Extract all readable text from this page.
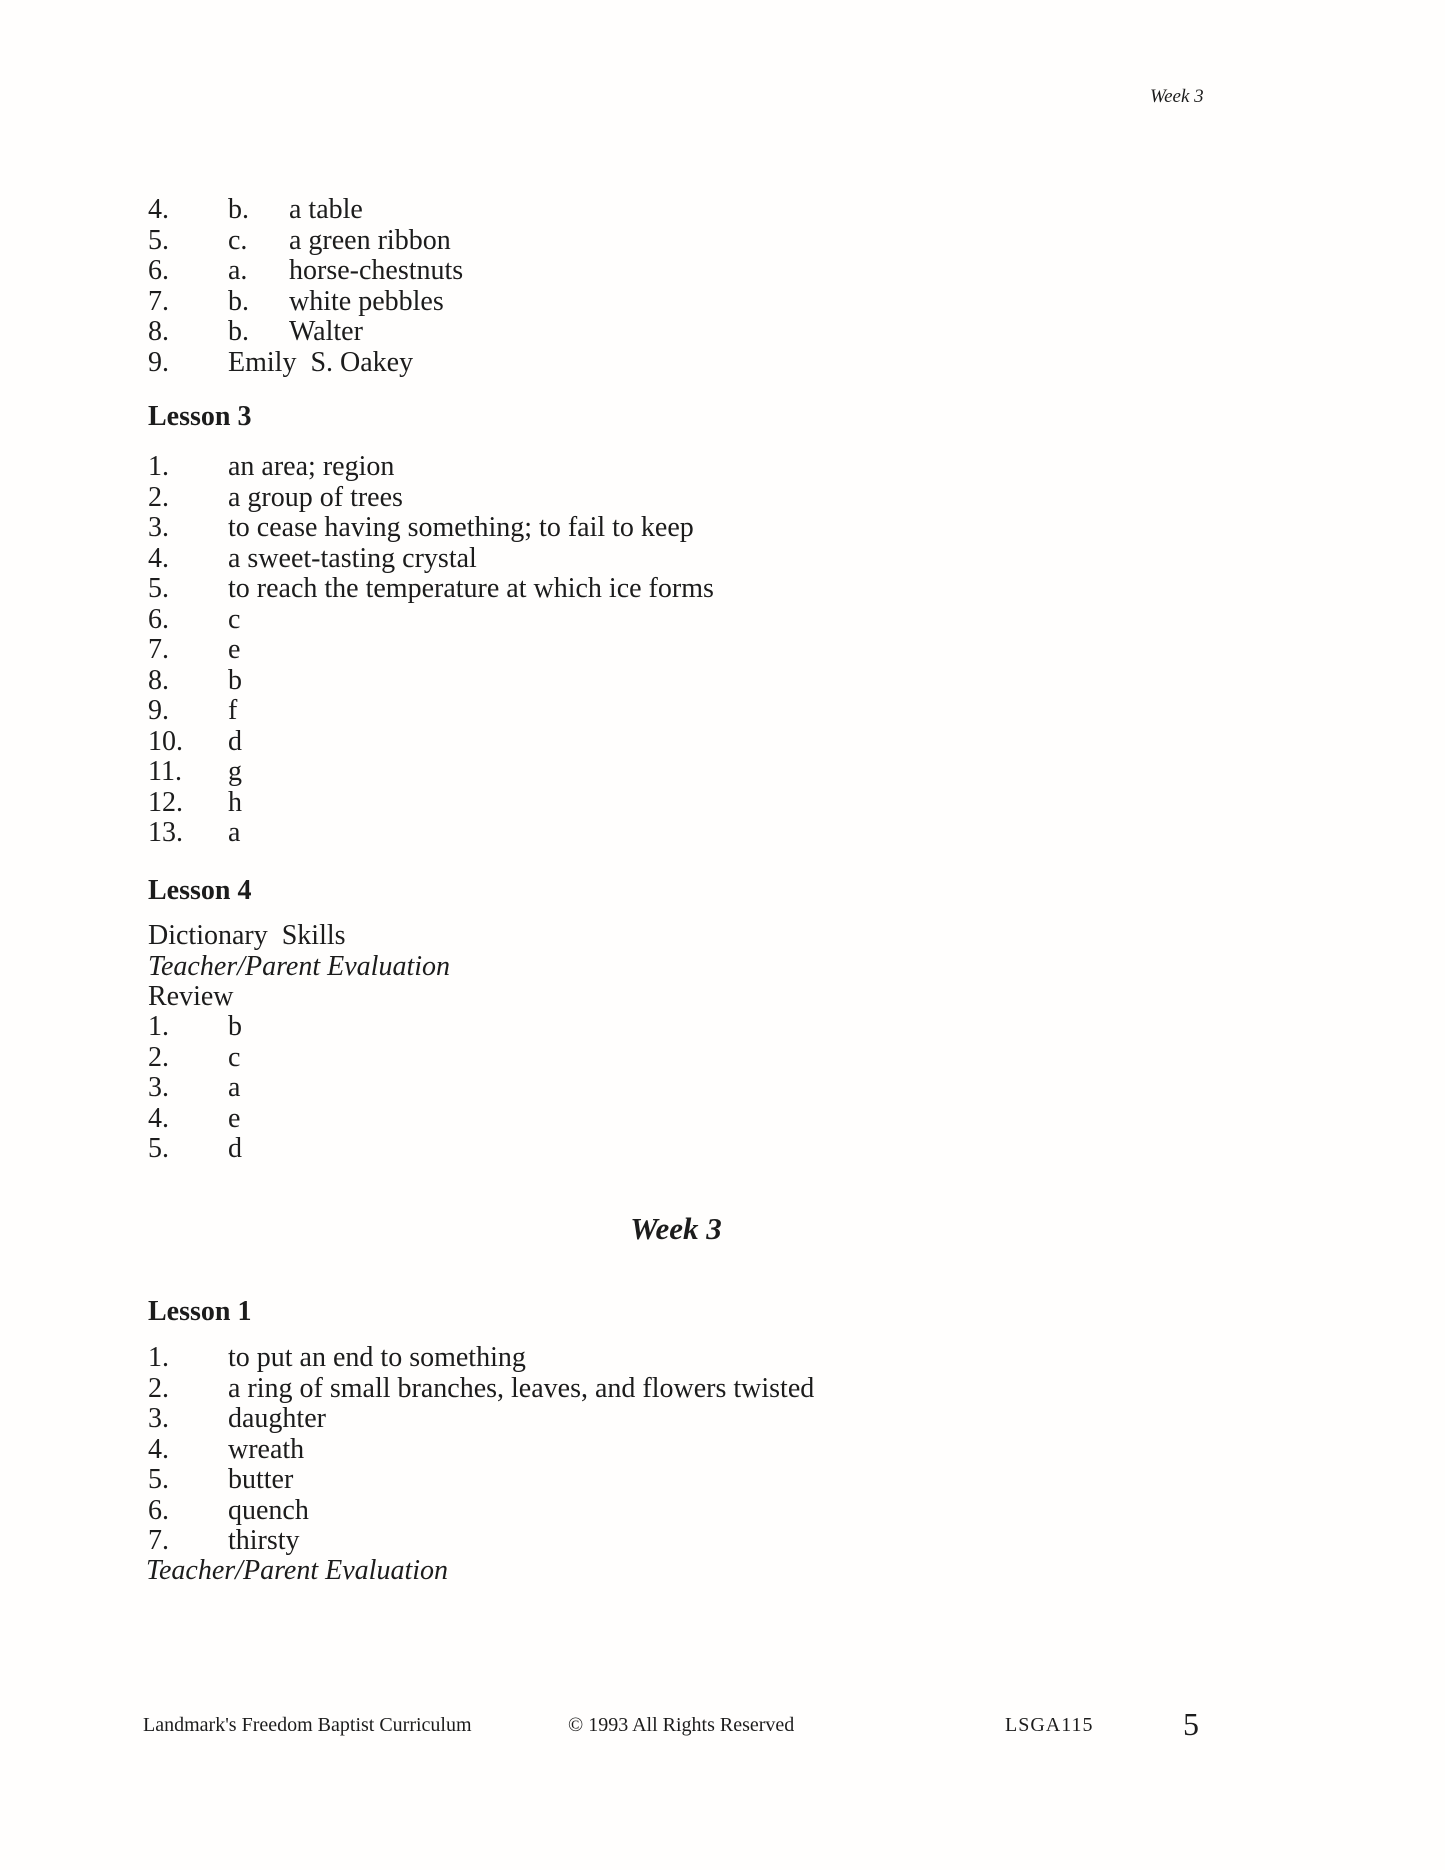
Week 3
4. b. a table
5. c. a green ribbon
6. a. horse-chestnuts
7. b. white pebbles
8. b. Walter
9. Emily  S. Oakey
Lesson 3
1. an area; region
2. a group of trees
3. to cease having something; to fail to keep
4. a sweet-tasting crystal
5. to reach the temperature at which ice forms
6. c
7. e
8. b
9. f
10. d
11. g
12. h
13. a
Lesson 4
Dictionary  Skills
Teacher/Parent Evaluation
Review
1. b
2. c
3. a
4. e
5. d
Week 3
Lesson 1
1. to put an end to something
2. a ring of small branches, leaves, and flowers twisted
3. daughter
4. wreath
5. butter
6. quench
7. thirsty
Teacher/Parent Evaluation
Landmark's Freedom Baptist Curriculum	© 1993 All Rights Reserved	LSGA115	5
